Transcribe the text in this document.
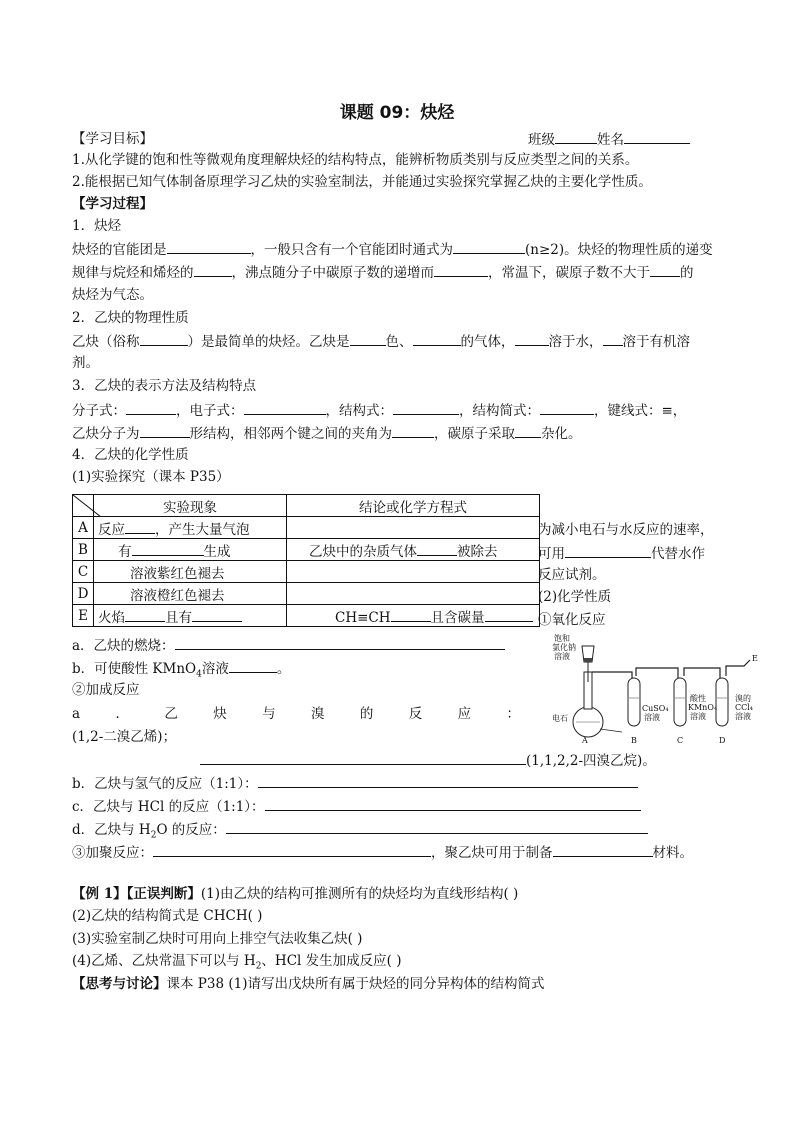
课题 09：炔烃
【学习目标】	班级	姓名
1.从化学键的饱和性等微观角度理解炔烃的结构特点，能辨析物质类别与反应类型之间的关系。
2.能根据已知气体制备原理学习乙炔的实验室制法，并能通过实验探究掌握乙炔的主要化学性质。
【学习过程】
1．炔烃
炔烃的官能团是	，一般只含有一个官能团时通式为	(n≥2)。炔烃的物理性质的递变
规律与烷烃和烯烃的	，沸点随分子中碳原子数的递增而	，常温下，碳原子数不大于 的
炔烃为气态。
2．乙炔的物理性质
乙炔（俗称	）是最简单的炔烃。乙炔是	色、	的气体，	溶于水， 溶于有机溶
剂。
3．乙炔的表示方法及结构特点
分子式：	，电子式：	，结构式：	，结构简式：	，键线式：≡，
乙炔分子为	形结构，相邻两个键之间的夹角为	，碳原子采取 杂化。
4．乙炔的化学性质
(1)实验探究（课本 P35）
	实验现象	结论或化学方程式
A	反应 ，产生大量气泡	
B	有 生成	乙炔中的杂质气体 被除去
C	溶液紫红色褪去	
D	溶液橙红色褪去	
E	火焰 且有	CH≡CH 且含碳量
为减小电石与水反应的速率，
可用	代替水作
反应试剂。
(2)化学性质
①氧化反应
饱和
氯化钠
溶液
电石
CuSO₄
溶液
酸性
KMnO₄
溶液
溴的
CCl₄
溶液
E
A	B	C	D
a．乙炔的燃烧：
b．可使酸性 KMnO$_4$溶液	。
②加成反应
a	．	乙	炔	与	溴	的	反	应	：
(1,2-二溴乙烯)；
(1,1,2,2-四溴乙烷)。
b．乙炔与氢气的反应（1:1）：
c．乙炔与 HCl 的反应（1:1）：
d．乙炔与 $H_2O$ 的反应：
③加聚反应：	，聚乙炔可用于制备	材料。
【例 1】【正误判断】(1)由乙炔的结构可推测所有的炔烃均为直线形结构( )
(2)乙炔的结构简式是 CHCH( )
(3)实验室制乙炔时可用向上排空气法收集乙炔( )
(4)乙烯、乙炔常温下可以与 $H_2$、HCl 发生加成反应( )
【思考与讨论】课本 P38 (1)请写出戊炔所有属于炔烃的同分异构体的结构简式
